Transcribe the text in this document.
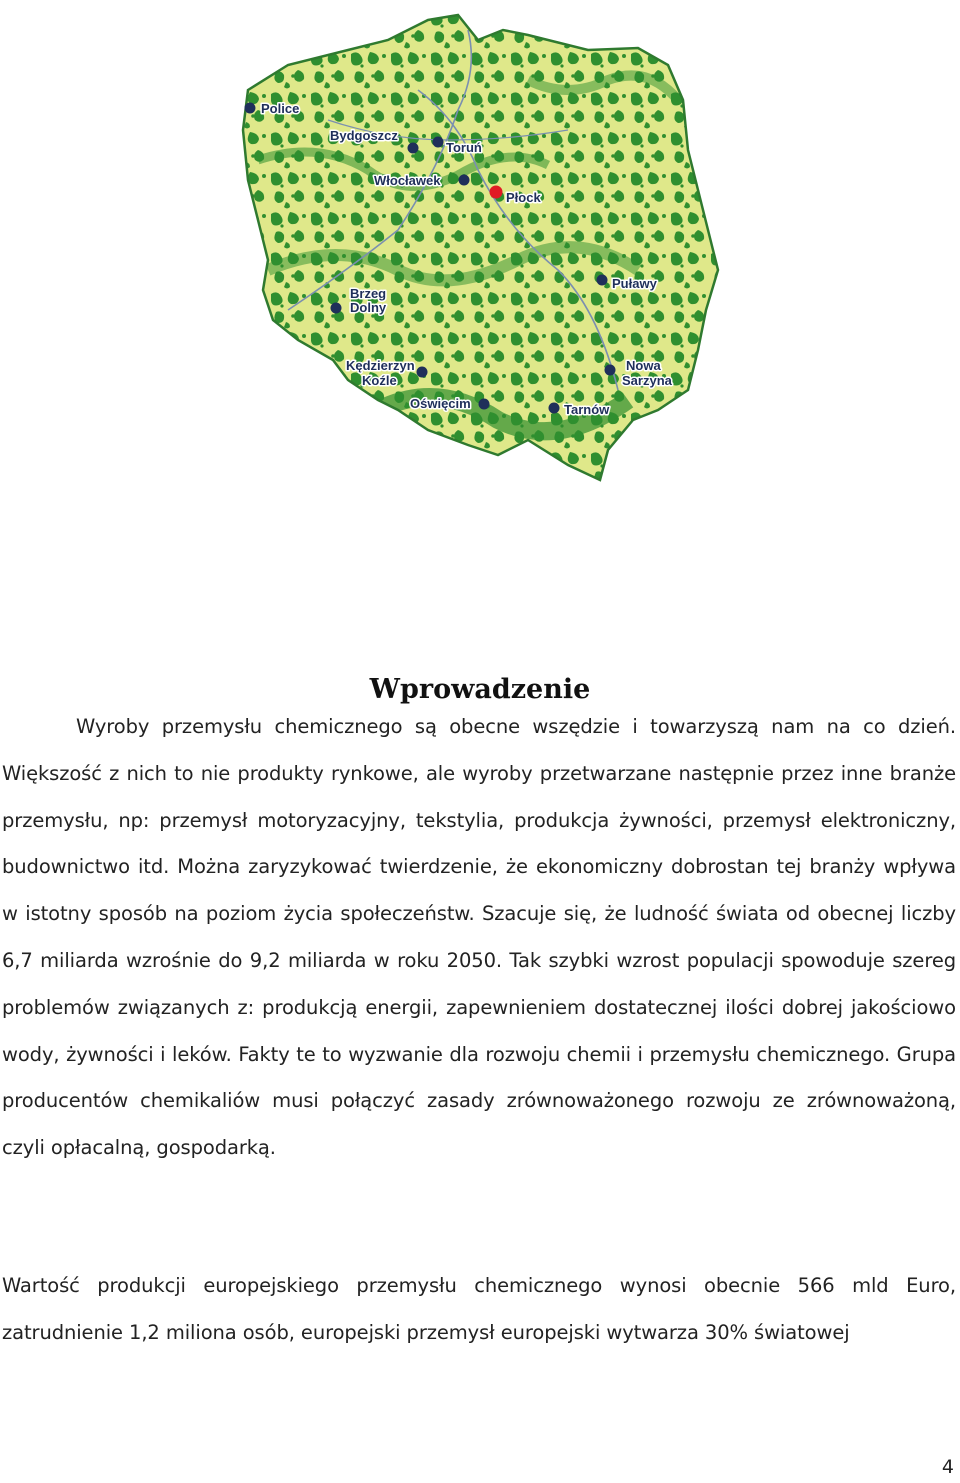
Police
Bydgoszcz
Toruń
Włocławek
Płock
Puławy
Brzeg
Dolny
Kędzierzyn
Koźle
Nowa
Sarzyna
Oświęcim	Tarnów
Wprowadzenie

Wyroby przemysłu chemicznego są obecne wszędzie i towarzyszą nam na co dzień. Większość z nich to nie produkty rynkowe, ale wyroby przetwarzane następnie przez inne branże przemysłu, np: przemysł motoryzacyjny, tekstylia, produkcja żywności, przemysł elektroniczny, budownictwo itd. Można zaryzykować twierdzenie, że ekonomiczny dobrostan tej branży wpływa w istotny sposób na poziom życia społeczeństw. Szacuje się, że ludność świata od obecnej liczby 6,7 miliarda wzrośnie do 9,2 miliarda w roku 2050. Tak szybki wzrost populacji spowoduje szereg problemów związanych z: produkcją energii, zapewnieniem dostatecznej ilości dobrej jakościowo wody, żywności i leków. Fakty te to wyzwanie dla rozwoju chemii i przemysłu chemicznego. Grupa producentów chemikaliów musi połączyć zasady zrównoważonego rozwoju ze zrównoważoną, czyli opłacalną, gospodarką.

Wartość produkcji europejskiego przemysłu chemicznego wynosi obecnie 566 mld Euro, zatrudnienie 1,2 miliona osób, europejski przemysł europejski wytwarza 30% światowej

4
